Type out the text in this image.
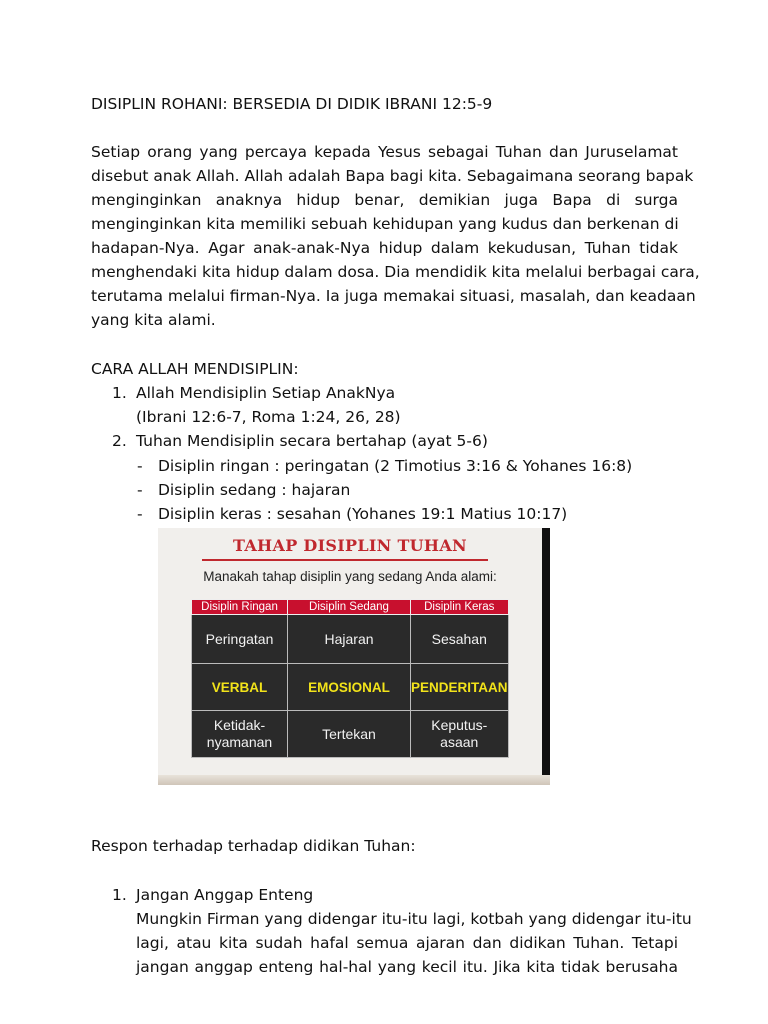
DISIPLIN ROHANI: BERSEDIA DI DIDIK IBRANI 12:5-9
Setiap orang yang percaya kepada Yesus sebagai Tuhan dan Juruselamat
disebut anak Allah. Allah adalah Bapa bagi kita. Sebagaimana seorang bapak
menginginkan anaknya hidup benar, demikian juga Bapa di surga
menginginkan kita memiliki sebuah kehidupan yang kudus dan berkenan di
hadapan-Nya. Agar anak-anak-Nya hidup dalam kekudusan, Tuhan tidak
menghendaki kita hidup dalam dosa. Dia mendidik kita melalui berbagai cara,
terutama melalui firman-Nya. Ia juga memakai situasi, masalah, dan keadaan
yang kita alami.
CARA ALLAH MENDISIPLIN:
1. Allah Mendisiplin Setiap AnakNya
(Ibrani 12:6-7, Roma 1:24, 26, 28)
2. Tuhan Mendisiplin secara bertahap (ayat 5-6)
- Disiplin ringan : peringatan (2 Timotius 3:16 & Yohanes 16:8)
- Disiplin sedang : hajaran
- Disiplin keras : sesahan (Yohanes 19:1 Matius 10:17)
TAHAP DISIPLIN TUHAN
Manakah tahap disiplin yang sedang Anda alami:
Disiplin Ringan	Disiplin Sedang	Disiplin Keras
Peringatan	Hajaran	Sesahan
VERBAL	EMOSIONAL	PENDERITAAN
Ketidak-
nyamanan	Tertekan	Keputus-
asaan
Respon terhadap terhadap didikan Tuhan:
1. Jangan Anggap Enteng
Mungkin Firman yang didengar itu-itu lagi, kotbah yang didengar itu-itu
lagi, atau kita sudah hafal semua ajaran dan didikan Tuhan. Tetapi
jangan anggap enteng hal-hal yang kecil itu. Jika kita tidak berusaha
